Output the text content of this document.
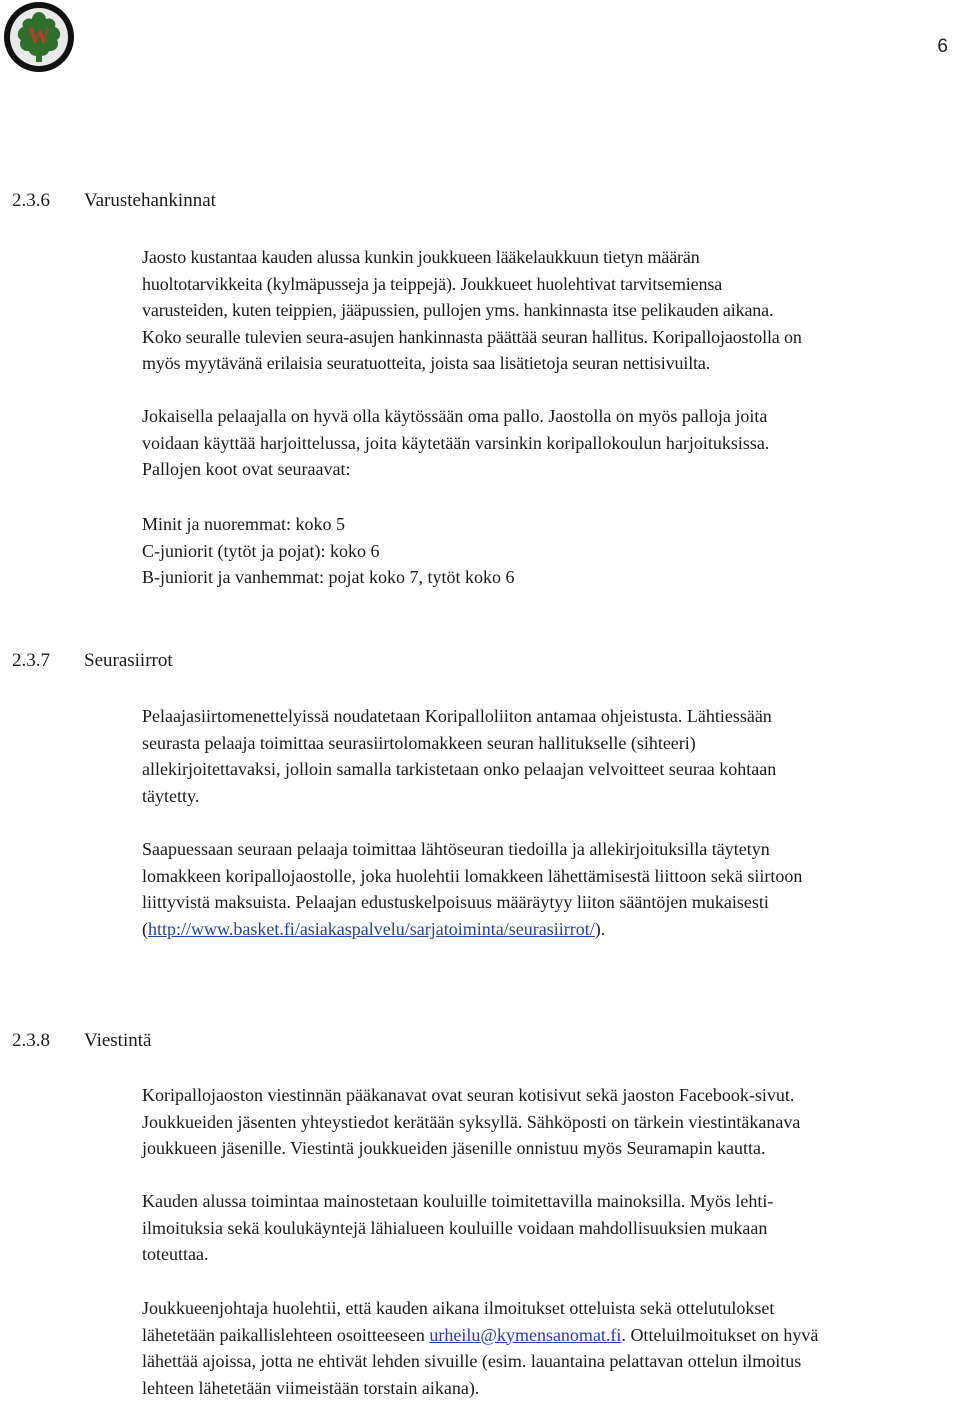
W	6
2.3.6 Varustehankinnat

Jaosto kustantaa kauden alussa kunkin joukkueen lääkelaukkuun tietyn määrän
huoltotarvikkeita (kylmäpusseja ja teippejä). Joukkueet huolehtivat tarvitsemiensa
varusteiden, kuten teippien, jääpussien, pullojen yms. hankinnasta itse pelikauden aikana.
Koko seuralle tulevien seura-asujen hankinnasta päättää seuran hallitus. Koripallojaostolla on
myös myytävänä erilaisia seuratuotteita, joista saa lisätietoja seuran nettisivuilta.

Jokaisella pelaajalla on hyvä olla käytössään oma pallo. Jaostolla on myös palloja joita
voidaan käyttää harjoittelussa, joita käytetään varsinkin koripallokoulun harjoituksissa.
Pallojen koot ovat seuraavat:

Minit ja nuoremmat: koko 5
C-juniorit (tytöt ja pojat): koko 6
B-juniorit ja vanhemmat: pojat koko 7, tytöt koko 6

2.3.7 Seurasiirrot

Pelaajasiirtomenettelyissä noudatetaan Koripalloliiton antamaa ohjeistusta. Lähtiessään
seurasta pelaaja toimittaa seurasiirtolomakkeen seuran hallitukselle (sihteeri)
allekirjoitettavaksi, jolloin samalla tarkistetaan onko pelaajan velvoitteet seuraa kohtaan
täytetty.

Saapuessaan seuraan pelaaja toimittaa lähtöseuran tiedoilla ja allekirjoituksilla täytetyn
lomakkeen koripallojaostolle, joka huolehtii lomakkeen lähettämisestä liittoon sekä siirtoon
liittyvistä maksuista. Pelaajan edustuskelpoisuus määräytyy liiton sääntöjen mukaisesti

(http://www.basket.fi/asiakaspalvelu/sarjatoiminta/seurasiirrot/).

2.3.8 Viestintä

Koripallojaoston viestinnän pääkanavat ovat seuran kotisivut sekä jaoston Facebook-sivut.
Joukkueiden jäsenten yhteystiedot kerätään syksyllä. Sähköposti on tärkein viestintäkanava
joukkueen jäsenille. Viestintä joukkueiden jäsenille onnistuu myös Seuramapin kautta.

Kauden alussa toimintaa mainostetaan kouluille toimitettavilla mainoksilla. Myös lehti-
ilmoituksia sekä koulukäyntejä lähialueen kouluille voidaan mahdollisuuksien mukaan
toteuttaa.

Joukkueenjohtaja huolehtii, että kauden aikana ilmoitukset otteluista sekä ottelutulokset

lähetetään paikallislehteen osoitteeseen urheilu@kymensanomat.fi. Otteluilmoitukset on hyvä

lähettää ajoissa, jotta ne ehtivät lehden sivuille (esim. lauantaina pelattavan ottelun ilmoitus
lehteen lähetetään viimeistään torstain aikana).
